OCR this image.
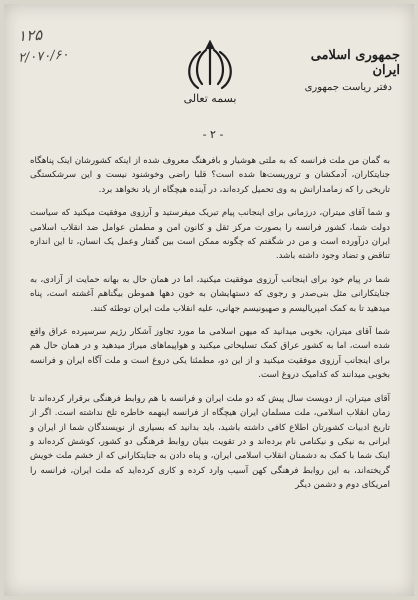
۱۲۵
۲/۰۷۰/۶۰
بسمه تعالی
جمهوری اسلامی ایران
دفتر ریاست جمهوری
- ۲ -

به گمان من ملت فرانسه که به ملتی هوشیار و بافرهنگ معروف شده از اینکه کشورشان اینک پناهگاه جنایتکاران، آدمکشان و تروریست‌ها شده است؟ قلبا راضی وخوشنود نیست و این سرشکستگی تاریخی را که زمامدارانش به وی تحمیل کرده‌اند، در آینده هیچگاه از یاد نخواهد برد.

و شما آقای میتران، درزمانی برای اینجانب پیام تبریک میفرستید و آرزوی موفقیت میکنید که سیاست دولت شما، کشور فرانسه را بصورت مرکز ثقل و کانون امن و مطمئن عوامل ضد انقلاب اسلامی ایران درآورده است و من در شگفتم که چگونه ممکن است بین گفتار وعمل یک انسان، تا این اندازه تناقض و تضاد وجود داشته باشد.

شما در پیام خود برای اینجانب آرزوی موفقیت میکنید، اما در همان حال به بهانه حمایت از آزادی، به جنایتکارانی مثل بنی‌صدر و رجوی که دستهایشان به خون دهها هموطن بیگناهم آغشته است، پناه میدهید تا به کمک امپریالیسم و صهیونیسم جهانی، علیه انقلاب ملت ایران توطئه کنند.

شما آقای میتران، بخوبی میدانید که میهن اسلامی ما مورد تجاوز آشکار رژیم سرسپرده عراق واقع شده است، اما به کشور عراق کمک تسلیحاتی میکنید و هواپیماهای میراژ میدهید و در همان حال هم برای اینجانب آرزوی موفقیت میکنید و از این دو، مطمئنا یکی دروغ است و ملت آگاه ایران و فرانسه بخوبی میدانند که کدامیک دروغ است.

آقای میتران، از دویست سال پیش که دو ملت ایران و فرانسه با هم روابط فرهنگی برقرار کرده‌اند تا زمان انقلاب اسلامی، ملت مسلمان ایران هیچگاه از فرانسه اینهمه خاطره تلخ نداشته است. اگر از تاریخ ادبیات کشورتان اطلاع کافی داشته باشید، باید بدانید که بسیاری از نویسندگان شما از ایران و ایرانی به نیکی و نیکنامی نام برده‌اند و در تقویت بنیان روابط فرهنگی دو کشور، کوشش کرده‌اند و اینک شما با کمک به دشمنان انقلاب اسلامی ایران، و پناه دادن به جنایتکارانی که از خشم ملت خویش گریخته‌اند، به این روابط فرهنگی کهن آسیب وارد کرده و کاری کرده‌اید که ملت ایران، فرانسه را امریکای دوم و دشمن دیگر
